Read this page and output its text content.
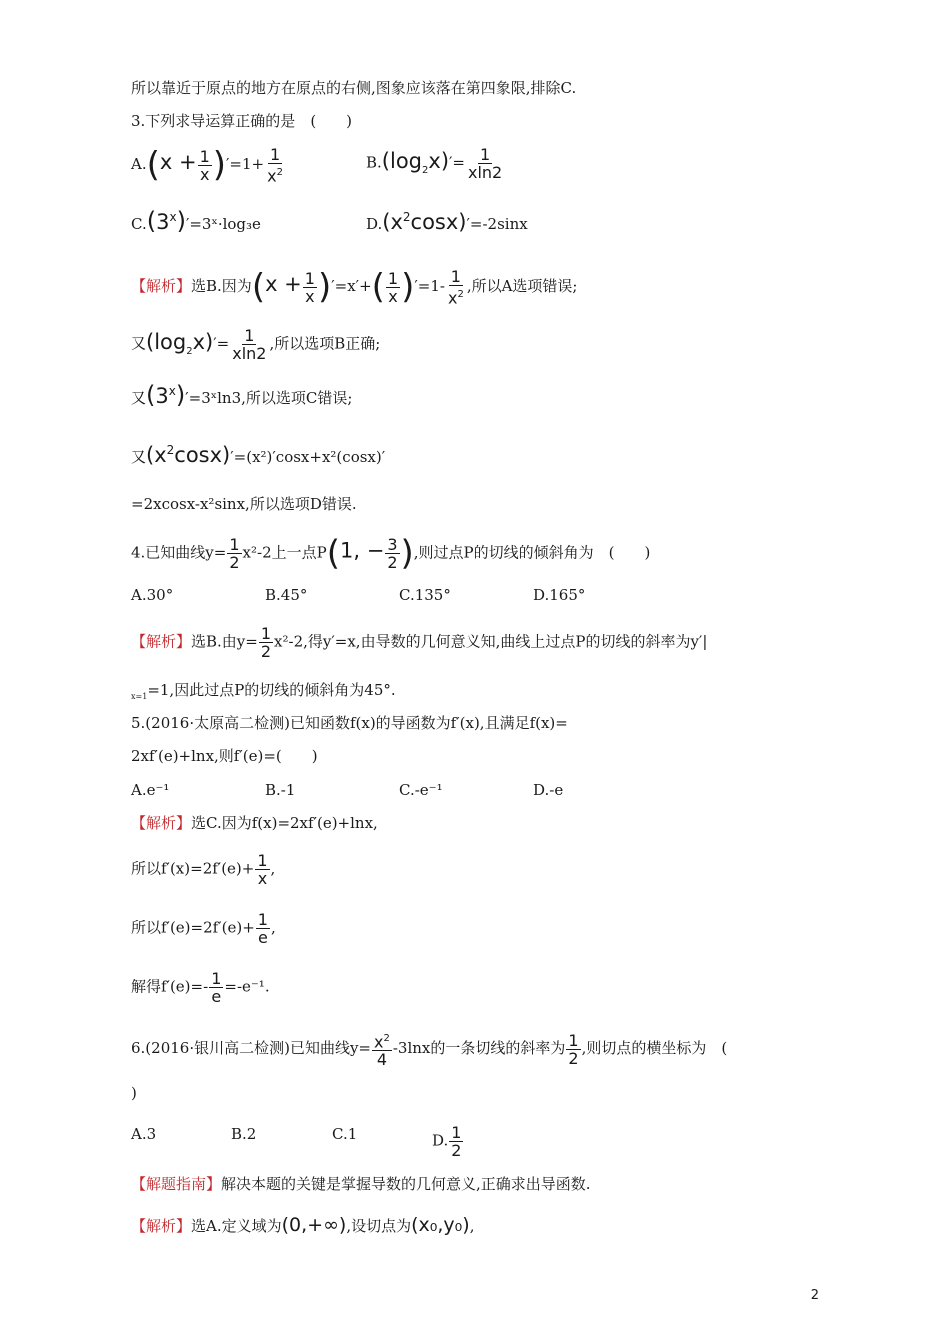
所以靠近于原点的地方在原点的右侧,图象应该落在第四象限,排除C.
3.下列求导运算正确的是　(　　)
$A.(x + \frac{1}{x} )'=1+ \frac{1}{x^2}$	$B.(\log_2x)'= \frac{1}{xln2}$
$C.(3^x)'=3ˣ\cdot\log_3e$	$D.(x^2\cos x)'=-2\sin x$
【解析】选B.因为$(x + \frac{1}{x} )'=x'+( \frac{1}{x} )'=1- \frac{1}{x^2}$ ,所以A选项错误;
又$(\log_2x)'= \frac{1}{xln2}$ ,所以选项B正确;
又$(3^x)'=3ˣ\ln 3$,所以选项C错误;
又$(x^2\cos x)'=(x^2)'\cos x+x^2(\cos x)'$
=2xcosx-x²sinx,所以选项D错误.
4.已知曲线$y= \frac{1}{2} x^2-2$上一点P(1, − $\frac{3}{2}$ ),则过点P的切线的倾斜角为　(　　)
A.30°	B.45°	C.135°	D.165°
【解析】选B.由$y= \frac{1}{2} x^2-2$,得y′=x,由导数的几何意义知,曲线上过点P的切线的斜率为y′|
$_{x=1}$=1,因此过点P的切线的倾斜角为45°.
5.(2016·太原高二检测)已知函数f(x)的导函数为f′(x),且满足f(x)=
2xf′(e)+lnx,则f′(e)=(　　)
A.e⁻¹	B.-1	C.-e⁻¹	D.-e
【解析】选C.因为f(x)=2xf′(e)+lnx,
所以$f'(x)=2f'(e)+ \frac{1}{x}$ ,
所以$f'(e)=2f'(e)+ \frac{1}{e}$ ,
解得$f'(e)=- \frac{1}{e} =-e^{-1}$.
6.(2016·银川高二检测)已知曲线$y= \frac{x^2}{4} -3\ln x$的一条切线的斜率为 $\frac{1}{2}$ ,则切点的横坐标为　(
)
A.3	B.2	C.1	D. $\frac{1}{2}$
【解题指南】解决本题的关键是掌握导数的几何意义,正确求出导函数.
【解析】选A.定义域为(0,+∞),设切点为(x₀,y₀),
2
